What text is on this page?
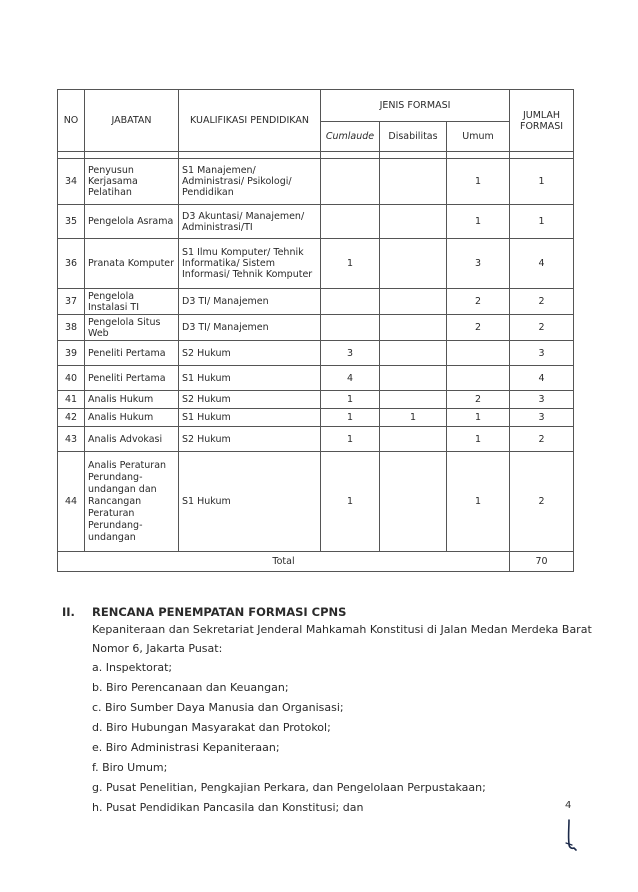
NO	JABATAN	KUALIFIKASI PENDIDIKAN	JENIS FORMASI			JUMLAH FORMASI
			Cumlaude	Disabilitas	Umum	

34	Penyusun Kerjasama Pelatihan	S1 Manajemen/ Administrasi/ Psikologi/ Pendidikan			1	1
35	Pengelola Asrama	D3 Akuntasi/ Manajemen/ Administrasi/TI			1	1
36	Pranata Komputer	S1 Ilmu Komputer/ Tehnik Informatika/ Sistem Informasi/ Tehnik Komputer	1		3	4
37	Pengelola Instalasi TI	D3 TI/ Manajemen			2	2
38	Pengelola Situs Web	D3 TI/ Manajemen			2	2
39	Peneliti Pertama	S2 Hukum	3			3
40	Peneliti Pertama	S1 Hukum	4			4
41	Analis Hukum	S2 Hukum	1		2	3
42	Analis Hukum	S1 Hukum	1	1	1	3
43	Analis Advokasi	S2 Hukum	1		1	2
44	Analis Peraturan Perundang-undangan dan Rancangan Peraturan Perundang-undangan	S1 Hukum	1		1	2
Total						70
II.	RENCANA PENEMPATAN FORMASI CPNS
Kepaniteraan dan Sekretariat Jenderal Mahkamah Konstitusi di Jalan Medan Merdeka Barat Nomor 6, Jakarta Pusat:
a. Inspektorat;
b. Biro Perencanaan dan Keuangan;
c. Biro Sumber Daya Manusia dan Organisasi;
d. Biro Hubungan Masyarakat dan Protokol;
e. Biro Administrasi Kepaniteraan;
f. Biro Umum;
g. Pusat Penelitian, Pengkajian Perkara, dan Pengelolaan Perpustakaan;
h. Pusat Pendidikan Pancasila dan Konstitusi; dan	4
